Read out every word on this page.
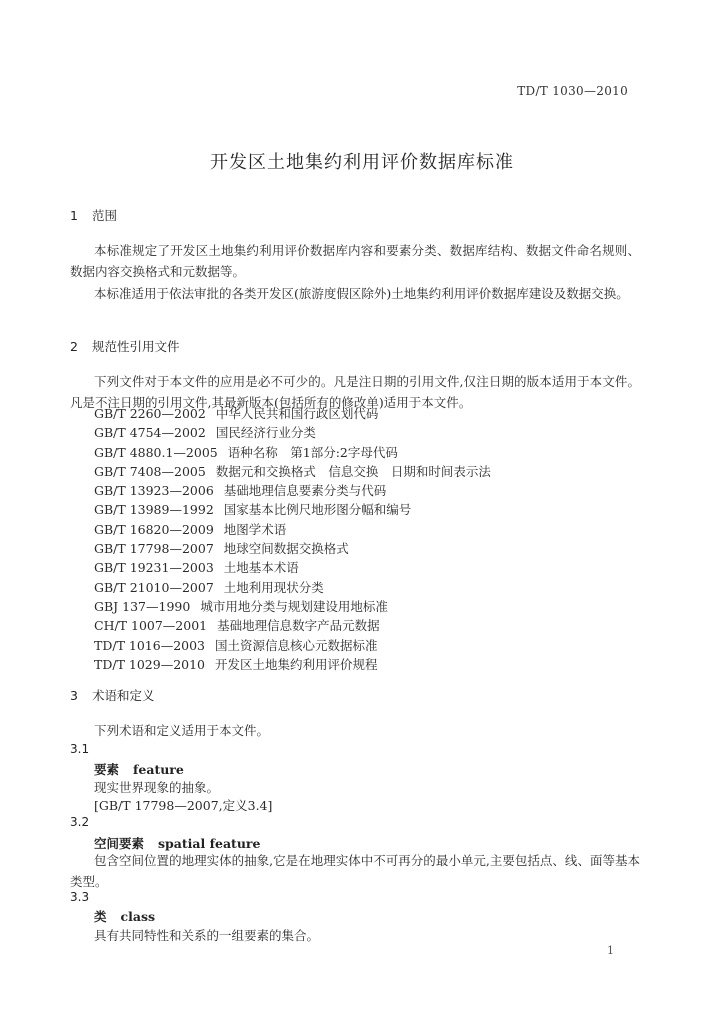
TD/T 1030—2010
开发区土地集约利用评价数据库标准
1 范围
本标准规定了开发区土地集约利用评价数据库内容和要素分类、数据库结构、数据文件命名规则、数据内容交换格式和元数据等。
本标准适用于依法审批的各类开发区(旅游度假区除外)土地集约利用评价数据库建设及数据交换。
2 规范性引用文件
下列文件对于本文件的应用是必不可少的。凡是注日期的引用文件,仅注日期的版本适用于本文件。凡是不注日期的引用文件,其最新版本(包括所有的修改单)适用于本文件。
GB/T 2260—2002 中华人民共和国行政区划代码
GB/T 4754—2002 国民经济行业分类
GB/T 4880.1—2005 语种名称　第1部分:2字母代码
GB/T 7408—2005 数据元和交换格式　信息交换　日期和时间表示法
GB/T 13923—2006 基础地理信息要素分类与代码
GB/T 13989—1992 国家基本比例尺地形图分幅和编号
GB/T 16820—2009 地图学术语
GB/T 17798—2007 地球空间数据交换格式
GB/T 19231—2003 土地基本术语
GB/T 21010—2007 土地利用现状分类
GBJ 137—1990 城市用地分类与规划建设用地标准
CH/T 1007—2001 基础地理信息数字产品元数据
TD/T 1016—2003 国土资源信息核心元数据标准
TD/T 1029—2010 开发区土地集约利用评价规程
3 术语和定义
下列术语和定义适用于本文件。
3.1
要素 feature
现实世界现象的抽象。
[GB/T 17798—2007,定义3.4]
3.2
空间要素 spatial feature
包含空间位置的地理实体的抽象,它是在地理实体中不可再分的最小单元,主要包括点、线、面等基本类型。
3.3
类 class
具有共同特性和关系的一组要素的集合。
1
